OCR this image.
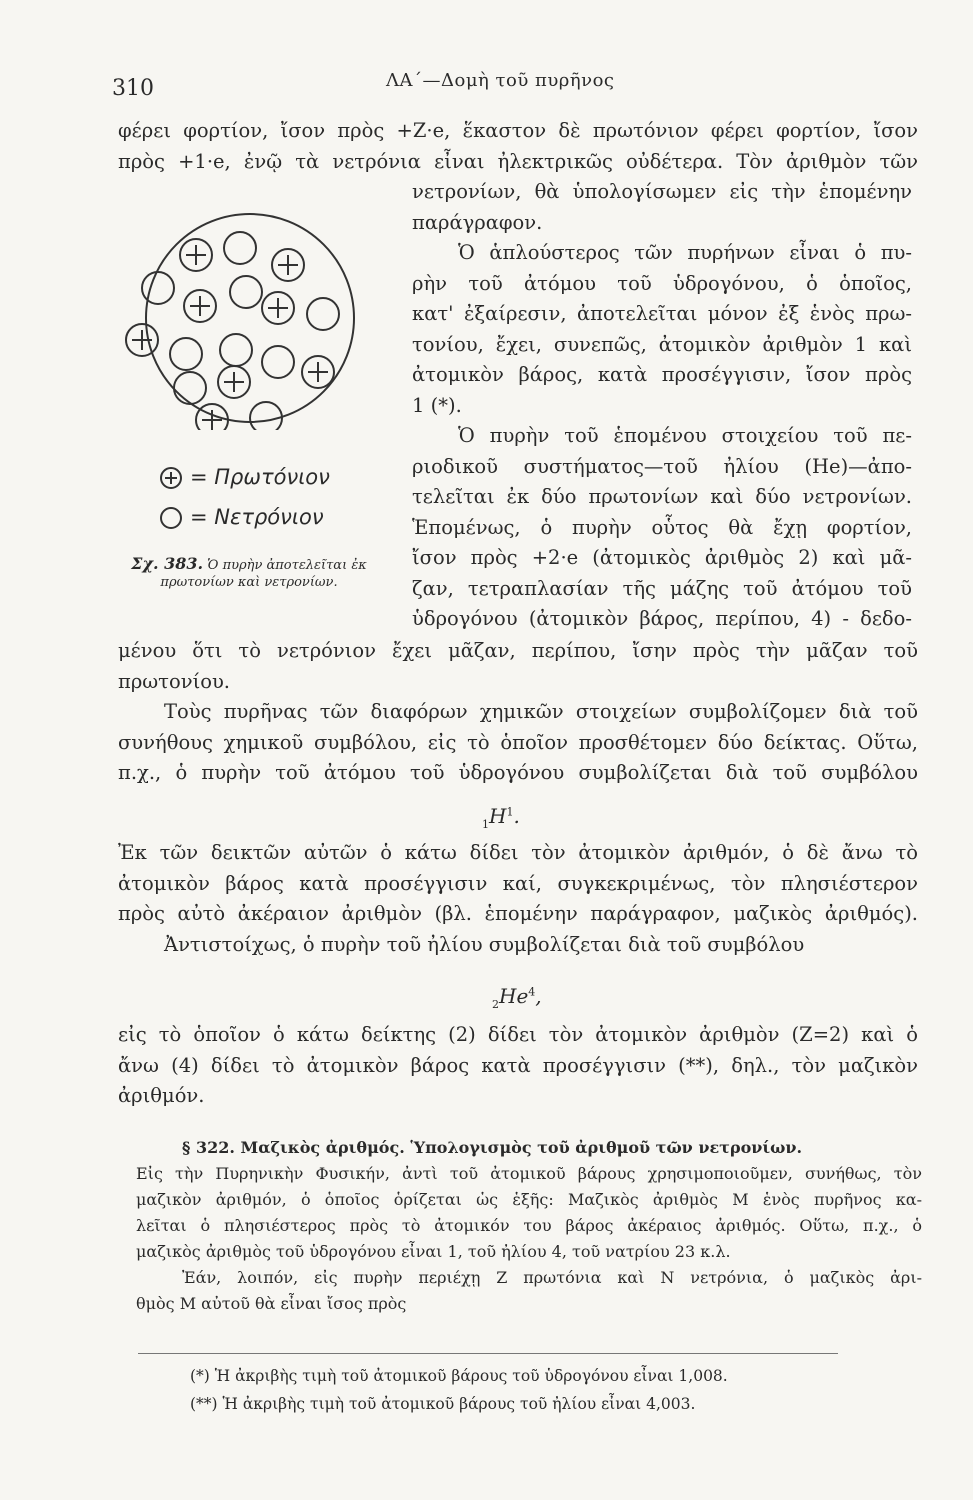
310	ΛΑ΄—Δομὴ τοῦ πυρῆνος
φέρει φορτίον, ἴσον πρὸς +Z·e, ἕκαστον δὲ πρωτόνιον φέρει φορτίον, ἴσον
πρὸς +1·e, ἐνῷ τὰ νετρόνια εἶναι ἠλεκτρικῶς οὐδέτερα. Τὸν ἀριθμὸν τῶν
= Πρωτόνιον
= Νετρόνιον
Σχ. 383. Ὁ πυρὴν ἀποτελεῖται ἐκ πρωτονίων καὶ νετρονίων.
νετρονίων, θὰ ὑπολογίσωμεν εἰς τὴν ἑπομένην
παράγραφον.
Ὁ ἁπλούστερος τῶν πυρήνων εἶναι ὁ πυ-
ρὴν τοῦ ἀτόμου τοῦ ὑδρογόνου, ὁ ὁποῖος,
κατ' ἐξαίρεσιν, ἀποτελεῖται μόνον ἐξ ἑνὸς πρω-
τονίου, ἔχει, συνεπῶς, ἀτομικὸν ἀριθμὸν 1 καὶ
ἀτομικὸν βάρος, κατὰ προσέγγισιν, ἴσον πρὸς
1 (*).
Ὁ πυρὴν τοῦ ἑπομένου στοιχείου τοῦ πε-
ριοδικοῦ συστήματος—τοῦ ἠλίου (He)—ἀπο-
τελεῖται ἐκ δύο πρωτονίων καὶ δύο νετρονίων.
Ἑπομένως, ὁ πυρὴν οὗτος θὰ ἔχῃ φορτίον,
ἴσον πρὸς +2·e (ἀτομικὸς ἀριθμὸς 2) καὶ μᾶ-
ζαν, τετραπλασίαν τῆς μάζης τοῦ ἀτόμου τοῦ
ὑδρογόνου (ἀτομικὸν βάρος, περίπου, 4) - δεδο-
μένου ὅτι τὸ νετρόνιον ἔχει μᾶζαν, περίπου, ἴσην πρὸς τὴν μᾶζαν τοῦ
πρωτονίου.
Τοὺς πυρῆνας τῶν διαφόρων χημικῶν στοιχείων συμβολίζομεν διὰ τοῦ
συνήθους χημικοῦ συμβόλου, εἰς τὸ ὁποῖον προσθέτομεν δύο δείκτας. Οὕτω,
π.χ., ὁ πυρὴν τοῦ ἀτόμου τοῦ ὑδρογόνου συμβολίζεται διὰ τοῦ συμβόλου
$_1H^1$.
Ἐκ τῶν δεικτῶν αὐτῶν ὁ κάτω δίδει τὸν ἀτομικὸν ἀριθμόν, ὁ δὲ ἄνω τὸ
ἀτομικὸν βάρος κατὰ προσέγγισιν καί, συγκεκριμένως, τὸν πλησιέστερον
πρὸς αὐτὸ ἀκέραιον ἀριθμὸν (βλ. ἑπομένην παράγραφον, μαζικὸς ἀριθμός).
Ἀντιστοίχως, ὁ πυρὴν τοῦ ἠλίου συμβολίζεται διὰ τοῦ συμβόλου
$_2He^4$,
εἰς τὸ ὁποῖον ὁ κάτω δείκτης (2) δίδει τὸν ἀτομικὸν ἀριθμὸν (Z=2) καὶ ὁ
ἄνω (4) δίδει τὸ ἀτομικὸν βάρος κατὰ προσέγγισιν (**), δηλ., τὸν μαζικὸν
ἀριθμόν.
§ 322. Μαζικὸς ἀριθμός. Ὑπολογισμὸς τοῦ ἀριθμοῦ τῶν νετρονίων.
Εἰς τὴν Πυρηνικὴν Φυσικήν, ἀντὶ τοῦ ἀτομικοῦ βάρους χρησιμοποιοῦμεν, συνήθως, τὸν
μαζικὸν ἀριθμόν, ὁ ὁποῖος ὁρίζεται ὡς ἑξῆς: Μαζικὸς ἀριθμὸς M ἑνὸς πυρῆνος κα-
λεῖται ὁ πλησιέστερος πρὸς τὸ ἀτομικόν του βάρος ἀκέραιος ἀριθμός. Οὕτω, π.χ., ὁ
μαζικὸς ἀριθμὸς τοῦ ὑδρογόνου εἶναι 1, τοῦ ἠλίου 4, τοῦ νατρίου 23 κ.λ.
Ἐάν, λοιπόν, εἰς πυρὴν περιέχῃ Z πρωτόνια καὶ N νετρόνια, ὁ μαζικὸς ἀρι-
θμὸς M αὐτοῦ θὰ εἶναι ἴσος πρὸς
(*) Ἡ ἀκριβὴς τιμὴ τοῦ ἀτομικοῦ βάρους τοῦ ὑδρογόνου εἶναι 1,008.
(**) Ἡ ἀκριβὴς τιμὴ τοῦ ἀτομικοῦ βάρους τοῦ ἠλίου εἶναι 4,003.
